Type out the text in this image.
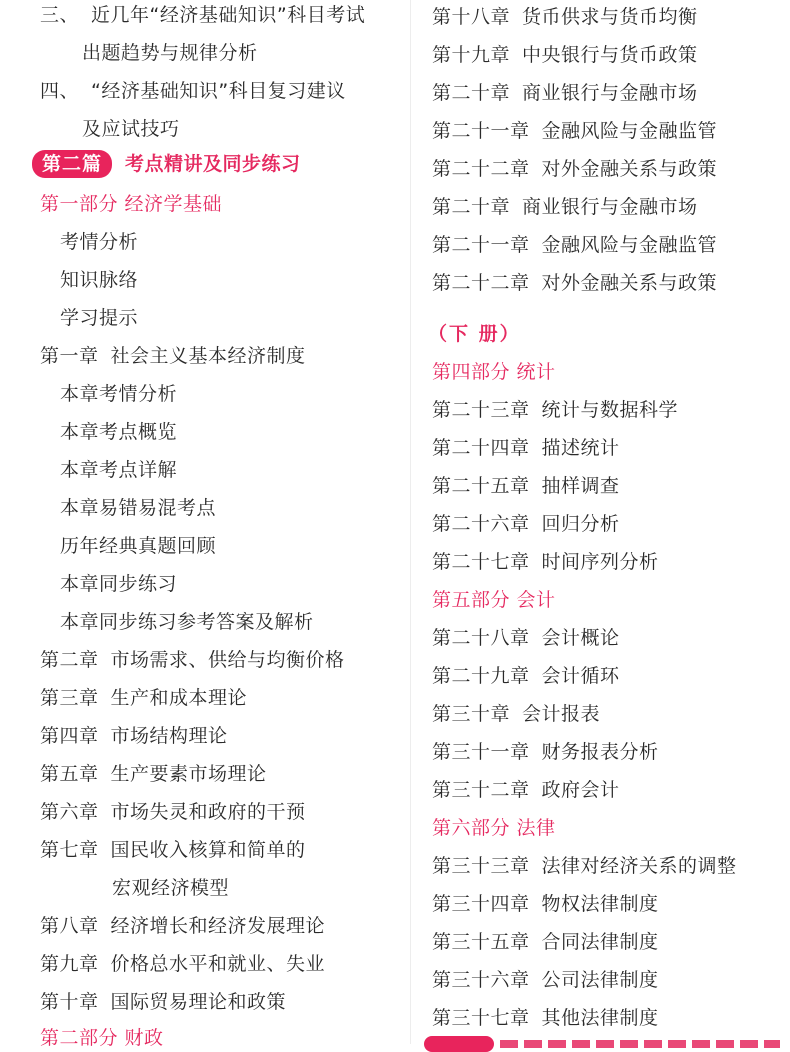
三、 近几年“经济基础知识”科目考试
出题趋势与规律分析
四、 “经济基础知识”科目复习建议
及应试技巧
第二篇	考点精讲及同步练习
第一部分 经济学基础
考情分析
知识脉络
学习提示
第一章 社会主义基本经济制度
本章考情分析
本章考点概览
本章考点详解
本章易错易混考点
历年经典真题回顾
本章同步练习
本章同步练习参考答案及解析
第二章 市场需求、供给与均衡价格
第三章 生产和成本理论
第四章 市场结构理论
第五章 生产要素市场理论
第六章 市场失灵和政府的干预
第七章 国民收入核算和简单的
宏观经济模型
第八章 经济增长和经济发展理论
第九章 价格总水平和就业、失业
第十章 国际贸易理论和政策
第二部分 财政
第十八章 货币供求与货币均衡
第十九章 中央银行与货币政策
第二十章 商业银行与金融市场
第二十一章 金融风险与金融监管
第二十二章 对外金融关系与政策
第二十章 商业银行与金融市场
第二十一章 金融风险与金融监管
第二十二章 对外金融关系与政策
（下 册）
第四部分 统计
第二十三章 统计与数据科学
第二十四章 描述统计
第二十五章 抽样调查
第二十六章 回归分析
第二十七章 时间序列分析
第五部分 会计
第二十八章 会计概论
第二十九章 会计循环
第三十章 会计报表
第三十一章 财务报表分析
第三十二章 政府会计
第六部分 法律
第三十三章 法律对经济关系的调整
第三十四章 物权法律制度
第三十五章 合同法律制度
第三十六章 公司法律制度
第三十七章 其他法律制度
